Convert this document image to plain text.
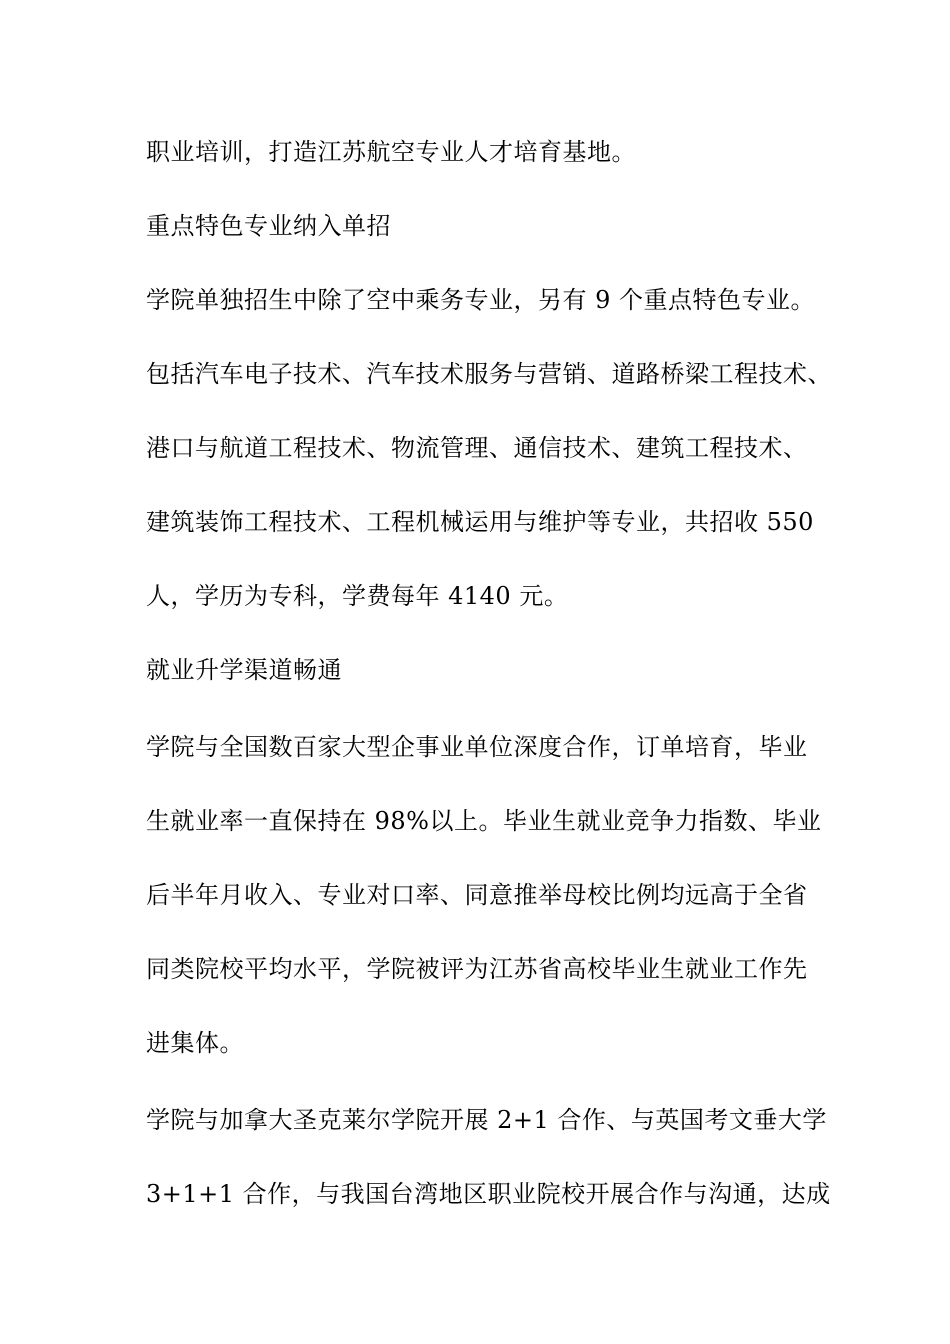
职业培训，打造江苏航空专业人才培育基地。
重点特色专业纳入单招
学院单独招生中除了空中乘务专业，另有 9 个重点特色专业。
包括汽车电子技术、汽车技术服务与营销、道路桥梁工程技术、
港口与航道工程技术、物流管理、通信技术、建筑工程技术、
建筑装饰工程技术、工程机械运用与维护等专业，共招收 550
人，学历为专科，学费每年 4140 元。
就业升学渠道畅通
学院与全国数百家大型企事业单位深度合作，订单培育，毕业
生就业率一直保持在 98%以上。毕业生就业竞争力指数、毕业
后半年月收入、专业对口率、同意推举母校比例均远高于全省
同类院校平均水平，学院被评为江苏省高校毕业生就业工作先
进集体。
学院与加拿大圣克莱尔学院开展 2+1 合作、与英国考文垂大学
3+1+1 合作，与我国台湾地区职业院校开展合作与沟通，达成
